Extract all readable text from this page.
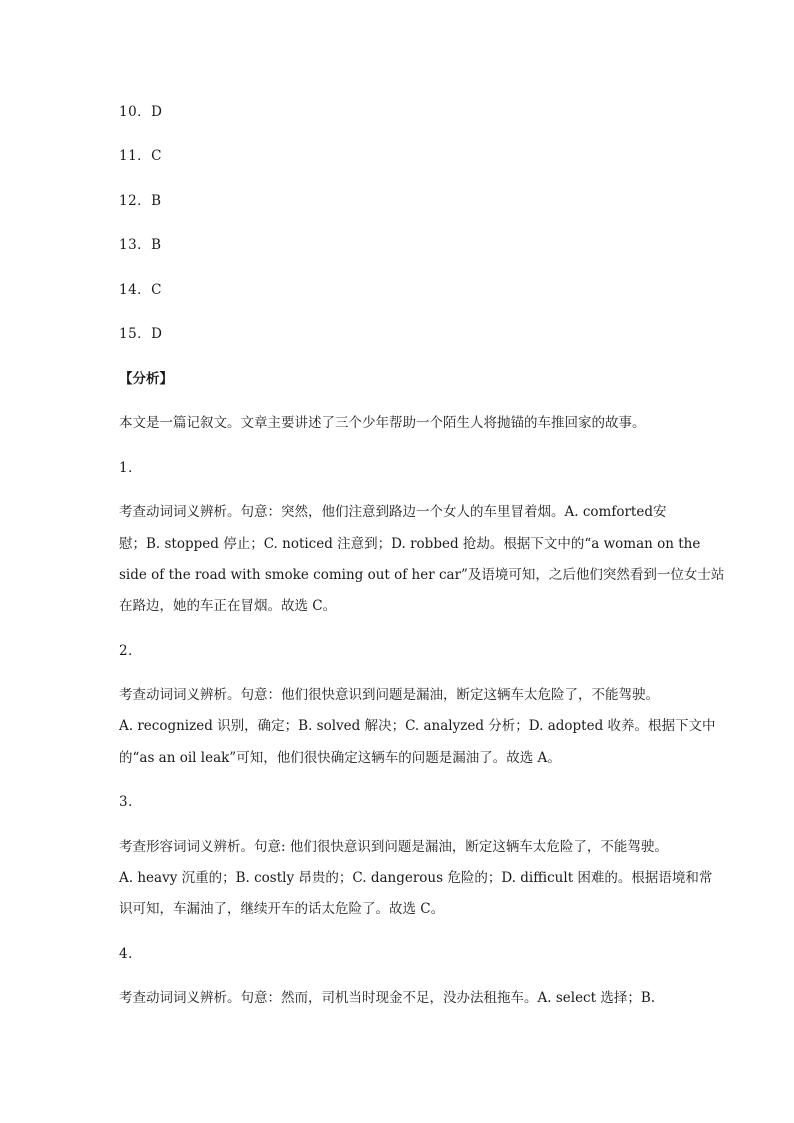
10．D
11．C
12．B
13．B
14．C
15．D
【分析】
本文是一篇记叙文。文章主要讲述了三个少年帮助一个陌生人将抛锚的车推回家的故事。
1．
考查动词词义辨析。句意：突然，他们注意到路边一个女人的车里冒着烟。A. comforted安
慰；B. stopped 停止；C. noticed 注意到；D. robbed 抢劫。根据下文中的“a woman on the
side of the road with smoke coming out of her car”及语境可知，之后他们突然看到一位女士站
在路边，她的车正在冒烟。故选 C。
2．
考查动词词义辨析。句意：他们很快意识到问题是漏油，断定这辆车太危险了，不能驾驶。
A. recognized 识别，确定；B. solved 解决；C. analyzed 分析；D. adopted 收养。根据下文中
的“as an oil leak”可知，他们很快确定这辆车的问题是漏油了。故选 A。
3．
考查形容词词义辨析。句意: 他们很快意识到问题是漏油，断定这辆车太危险了，不能驾驶。
A. heavy 沉重的；B. costly 昂贵的；C. dangerous 危险的；D. difficult 困难的。根据语境和常
识可知，车漏油了，继续开车的话太危险了。故选 C。
4．
考查动词词义辨析。句意：然而，司机当时现金不足，没办法租拖车。A. select 选择；B.
